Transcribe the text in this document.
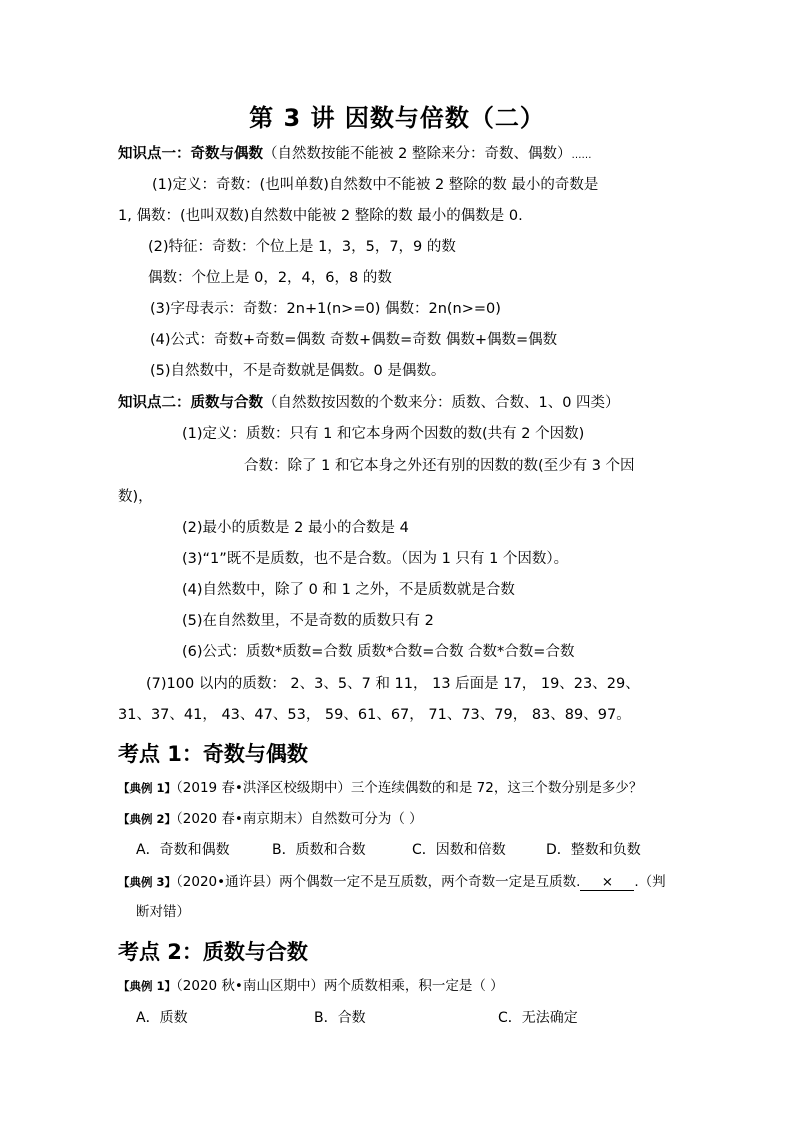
第 3 讲 因数与倍数（二）
知识点一：奇数与偶数（自然数按能不能被 2 整除来分：奇数、偶数）……
(1)定义：奇数：(也叫单数)自然数中不能被 2 整除的数 最小的奇数是
1, 偶数：(也叫双数)自然数中能被 2 整除的数 最小的偶数是 0.
(2)特征：奇数：个位上是 1，3，5，7，9 的数
偶数：个位上是 0，2，4，6，8 的数
(3)字母表示：奇数：2n+1(n>=0) 偶数：2n(n>=0)
(4)公式：奇数+奇数=偶数 奇数+偶数=奇数 偶数+偶数=偶数
(5)自然数中，不是奇数就是偶数。0 是偶数。
知识点二：质数与合数（自然数按因数的个数来分：质数、合数、1、0 四类）
(1)定义：质数：只有 1 和它本身两个因数的数(共有 2 个因数)
合数：除了 1 和它本身之外还有别的因数的数(至少有 3 个因
数)，
(2)最小的质数是 2 最小的合数是 4
(3)“1”既不是质数，也不是合数。（因为 1 只有 1 个因数）。
(4)自然数中，除了 0 和 1 之外，不是质数就是合数
(5)在自然数里，不是奇数的质数只有 2
(6)公式：质数*质数=合数 质数*合数=合数 合数*合数=合数
(7)100 以内的质数： 2、3、5、7 和 11， 13 后面是 17， 19、23、29、
31、37、41， 43、47、53， 59、61、67， 71、73、79， 83、89、97。
考点 1：奇数与偶数
【典例 1】（2019 春•洪泽区校级期中）三个连续偶数的和是 72，这三个数分别是多少？
【典例 2】（2020 春•南京期末）自然数可分为（ ）
A．奇数和偶数	B．质数和合数	C．因数和倍数	D．整数和负数
【典例 3】（2020•通许县）两个偶数一定不是互质数，两个奇数一定是互质数. × .（判
断对错）
考点 2：质数与合数
【典例 1】（2020 秋•南山区期中）两个质数相乘，积一定是（ ）
A．质数	B．合数	C．无法确定
